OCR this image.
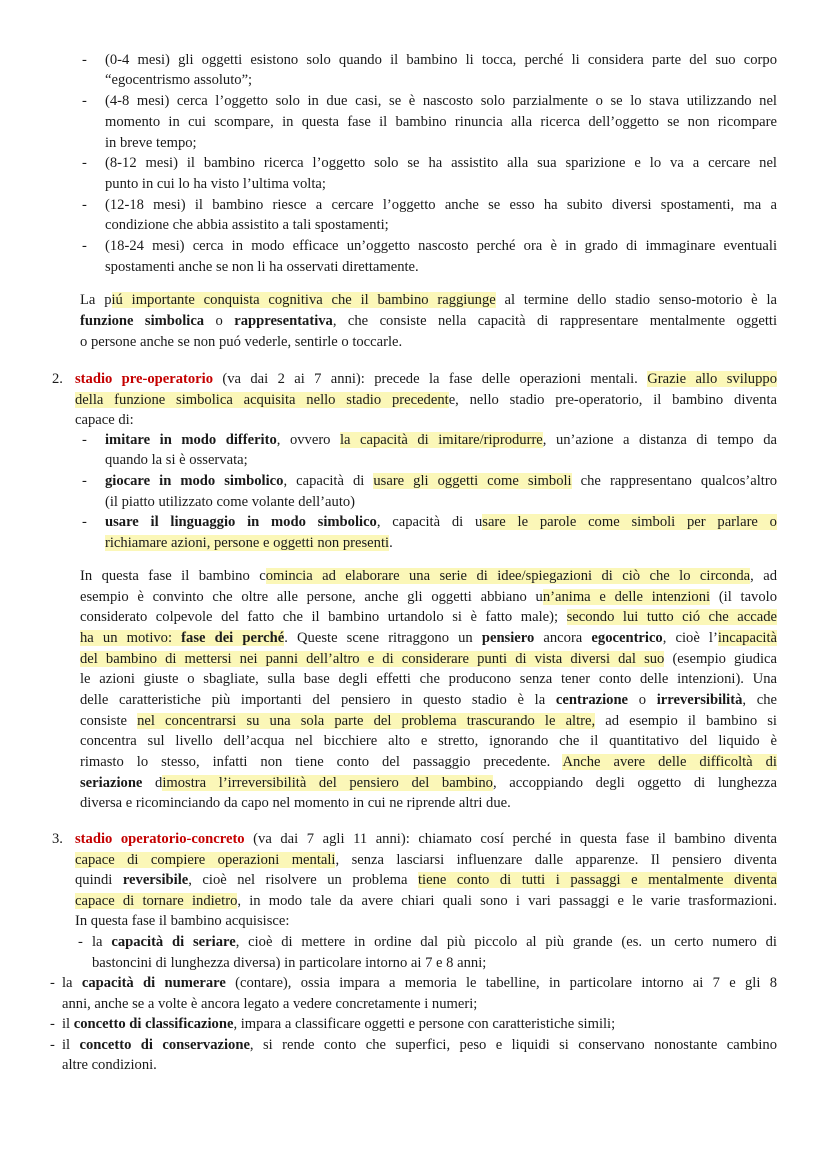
-	(0-4 mesi) gli oggetti esistono solo quando il bambino li tocca, perché li considera parte del suo corpo
“egocentrismo assoluto”;
-	(4-8 mesi) cerca l’oggetto solo in due casi, se è nascosto solo parzialmente o se lo stava utilizzando nel
momento in cui scompare, in questa fase il bambino rinuncia alla ricerca dell’oggetto se non ricompare
in breve tempo;
-	(8-12 mesi) il bambino ricerca l’oggetto solo se ha assistito alla sua sparizione e lo va a cercare nel
punto in cui lo ha visto l’ultima volta;
-	(12-18 mesi) il bambino riesce a cercare l’oggetto anche se esso ha subito diversi spostamenti, ma a
condizione che abbia assistito a tali spostamenti;
-	(18-24 mesi) cerca in modo efficace un’oggetto nascosto perché ora è in grado di immaginare eventuali
spostamenti anche se non li ha osservati direttamente.
La piú importante conquista cognitiva che il bambino raggiunge al termine dello stadio senso-motorio è la
funzione simbolica o rappresentativa, che consiste nella capacità di rappresentare mentalmente oggetti
o persone anche se non puó vederle, sentirle o toccarle.
2. stadio pre-operatorio (va dai 2 ai 7 anni): precede la fase delle operazioni mentali. Grazie allo sviluppo
della funzione simbolica acquisita nello stadio precedente, nello stadio pre-operatorio, il bambino diventa
capace di:
-	imitare in modo differito, ovvero la capacità di imitare/riprodurre, un’azione a distanza di tempo da
quando la si è osservata;
-	giocare in modo simbolico, capacità di usare gli oggetti come simboli che rappresentano qualcos’altro
(il piatto utilizzato come volante dell’auto)
-	usare il linguaggio in modo simbolico, capacità di usare le parole come simboli per parlare o
richiamare azioni, persone e oggetti non presenti.
In questa fase il bambino comincia ad elaborare una serie di idee/spiegazioni di ciò che lo circonda, ad
esempio è convinto che oltre alle persone, anche gli oggetti abbiano un’anima e delle intenzioni (il tavolo
considerato colpevole del fatto che il bambino urtandolo si è fatto male); secondo lui tutto ció che accade
ha un motivo: fase dei perché. Queste scene ritraggono un pensiero ancora egocentrico, cioè l’incapacità
del bambino di mettersi nei panni dell’altro e di considerare punti di vista diversi dal suo (esempio giudica
le azioni giuste o sbagliate, sulla base degli effetti che producono senza tener conto delle intenzioni). Una
delle caratteristiche più importanti del pensiero in questo stadio è la centrazione o irreversibilità, che
consiste nel concentrarsi su una sola parte del problema trascurando le altre, ad esempio il bambino si
concentra sul livello dell’acqua nel bicchiere alto e stretto, ignorando che il quantitativo del liquido è
rimasto lo stesso, infatti non tiene conto del passaggio precedente. Anche avere delle difficoltà di
seriazione dimostra l’irreversibilità del pensiero del bambino, accoppiando degli oggetto di lunghezza
diversa e ricominciando da capo nel momento in cui ne riprende altri due.
3. stadio operatorio-concreto (va dai 7 agli 11 anni): chiamato cosí perché in questa fase il bambino diventa
capace di compiere operazioni mentali, senza lasciarsi influenzare dalle apparenze. Il pensiero diventa
quindi reversibile, cioè nel risolvere un problema tiene conto di tutti i passaggi e mentalmente diventa
capace di tornare indietro, in modo tale da avere chiari quali sono i vari passaggi e le varie trasformazioni.
In questa fase il bambino acquisisce:
- la capacità di seriare, cioè di mettere in ordine dal più piccolo al più grande (es. un certo numero di
bastoncini di lunghezza diversa) in particolare intorno ai 7 e 8 anni;
- la capacità di numerare (contare), ossia impara a memoria le tabelline, in particolare intorno ai 7 e gli 8
anni, anche se a volte è ancora legato a vedere concretamente i numeri;
- il concetto di classificazione, impara a classificare oggetti e persone con caratteristiche simili;
- il concetto di conservazione, si rende conto che superfici, peso e liquidi si conservano nonostante cambino
altre condizioni.
